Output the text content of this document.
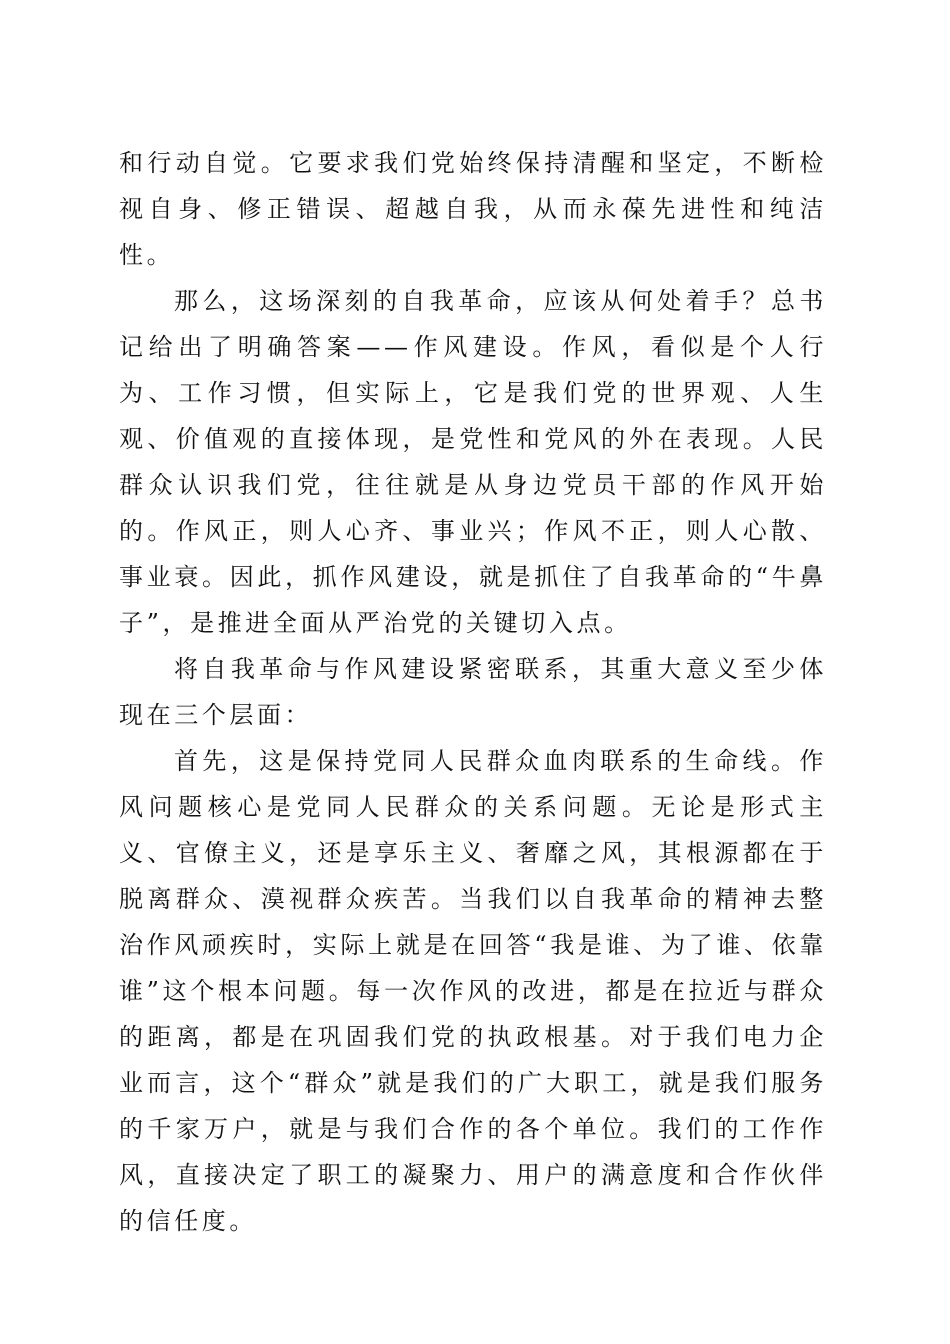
和行动自觉。它要求我们党始终保持清醒和坚定，不断检视自身、修正错误、超越自我，从而永葆先进性和纯洁性。

那么，这场深刻的自我革命，应该从何处着手？总书记给出了明确答案——作风建设。作风，看似是个人行为、工作习惯，但实际上，它是我们党的世界观、人生观、价值观的直接体现，是党性和党风的外在表现。人民群众认识我们党，往往就是从身边党员干部的作风开始的。作风正，则人心齐、事业兴；作风不正，则人心散、事业衰。因此，抓作风建设，就是抓住了自我革命的“牛鼻子”，是推进全面从严治党的关键切入点。

将自我革命与作风建设紧密联系，其重大意义至少体现在三个层面：

首先，这是保持党同人民群众血肉联系的生命线。作风问题核心是党同人民群众的关系问题。无论是形式主义、官僚主义，还是享乐主义、奢靡之风，其根源都在于脱离群众、漠视群众疾苦。当我们以自我革命的精神去整治作风顽疾时，实际上就是在回答“我是谁、为了谁、依靠谁”这个根本问题。每一次作风的改进，都是在拉近与群众的距离，都是在巩固我们党的执政根基。对于我们电力企业而言，这个“群众”就是我们的广大职工，就是我们服务的千家万户，就是与我们合作的各个单位。我们的工作作风，直接决定了职工的凝聚力、用户的满意度和合作伙伴的信任度。
